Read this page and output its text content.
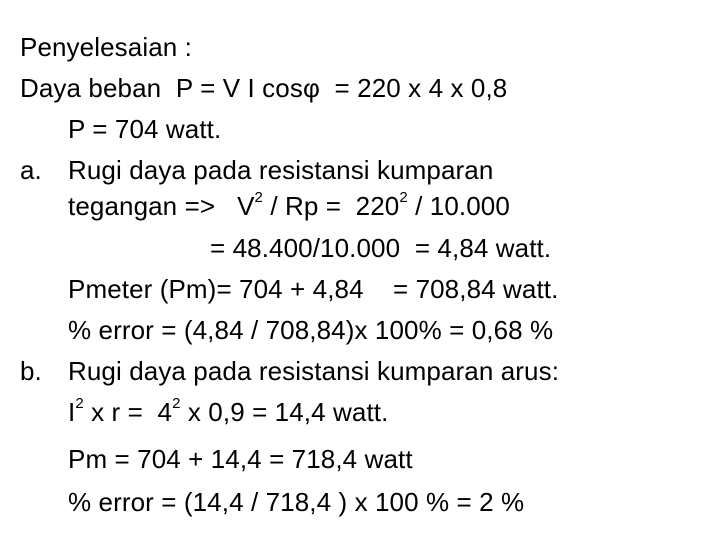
Penyelesaian :
Daya beban  P = V I cosφ  = 220 x 4 x 0,8
P = 704 watt.
a. Rugi daya pada resistansi kumparan
tegangan =>   $V^2 / Rp = 220^2 / 10.000$
= 48.400/10.000  = 4,84 watt.
Pmeter (Pm)= 704 + 4,84    = 708,84 watt.
% error = (4,84 / 708,84)x 100% = 0,68 %
b. Rugi daya pada resistansi kumparan arus:
$I^2$ x $r = 4^2$ x 0,9 = 14,4 watt.
Pm = 704 + 14,4 = 718,4 watt
% error = (14,4 / 718,4 ) x 100 % = 2 %
